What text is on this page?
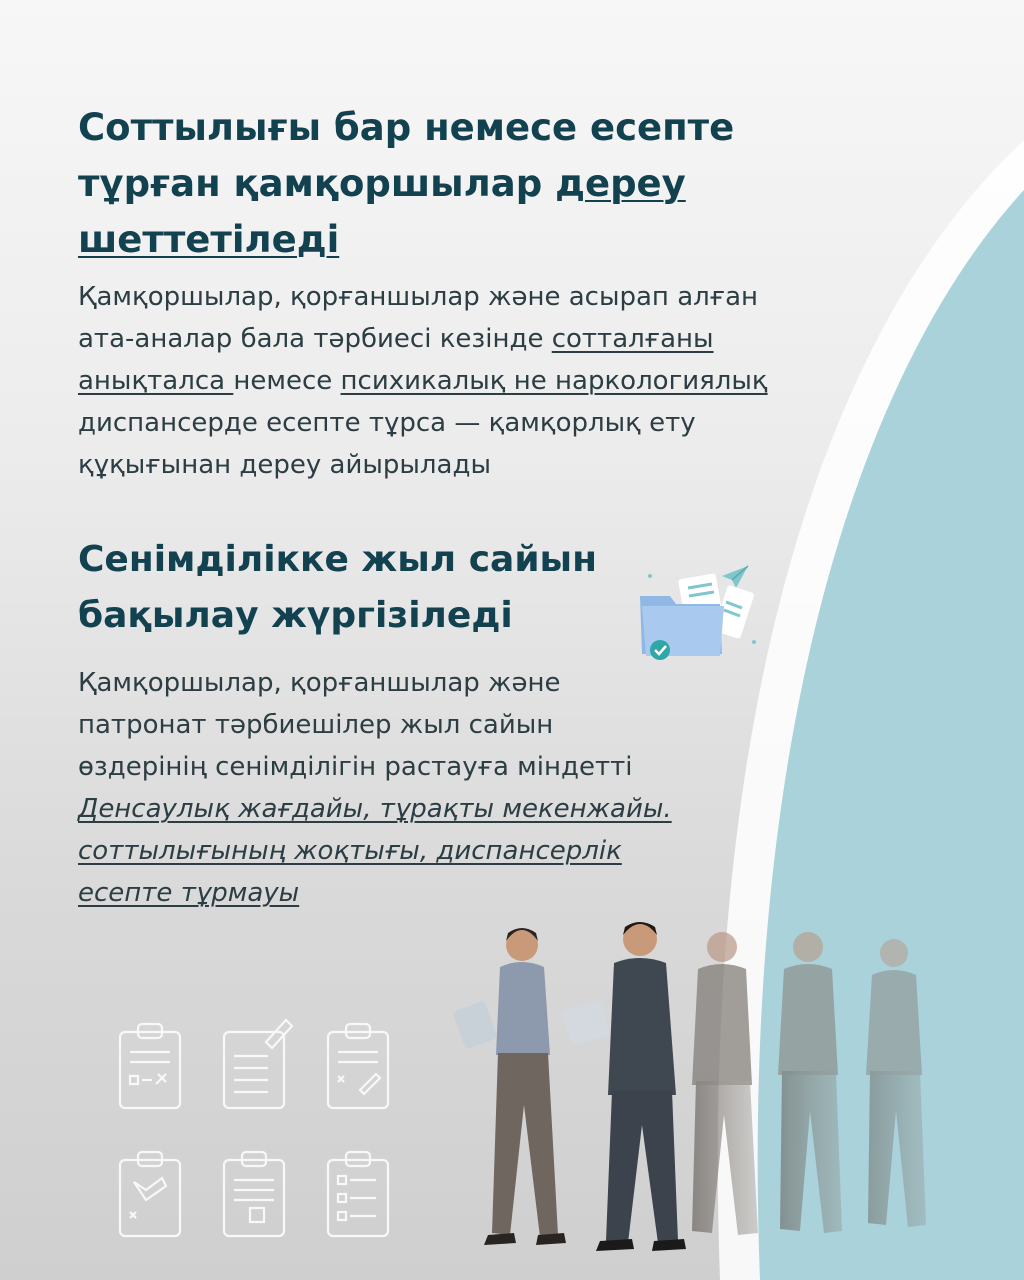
Соттылығы бар немесе есепте тұрған қамқоршылар дереу шеттетіледі

Қамқоршылар, қорғаншылар және асырап алған ата-аналар бала тәрбиесі кезінде сотталғаны анықталса немесе психикалық не наркологиялық диспансерде есепте тұрса — қамқорлық ету құқығынан дереу айырылады

Сенімділікке жыл сайын бақылау жүргізіледі

Қамқоршылар, қорғаншылар және патронат тәрбиешілер жыл сайын өздерінің сенімділігін растауға міндетті

Денсаулық жағдайы, тұрақты мекенжайы. соттылығының жоқтығы, диспансерлік есепте тұрмауы
